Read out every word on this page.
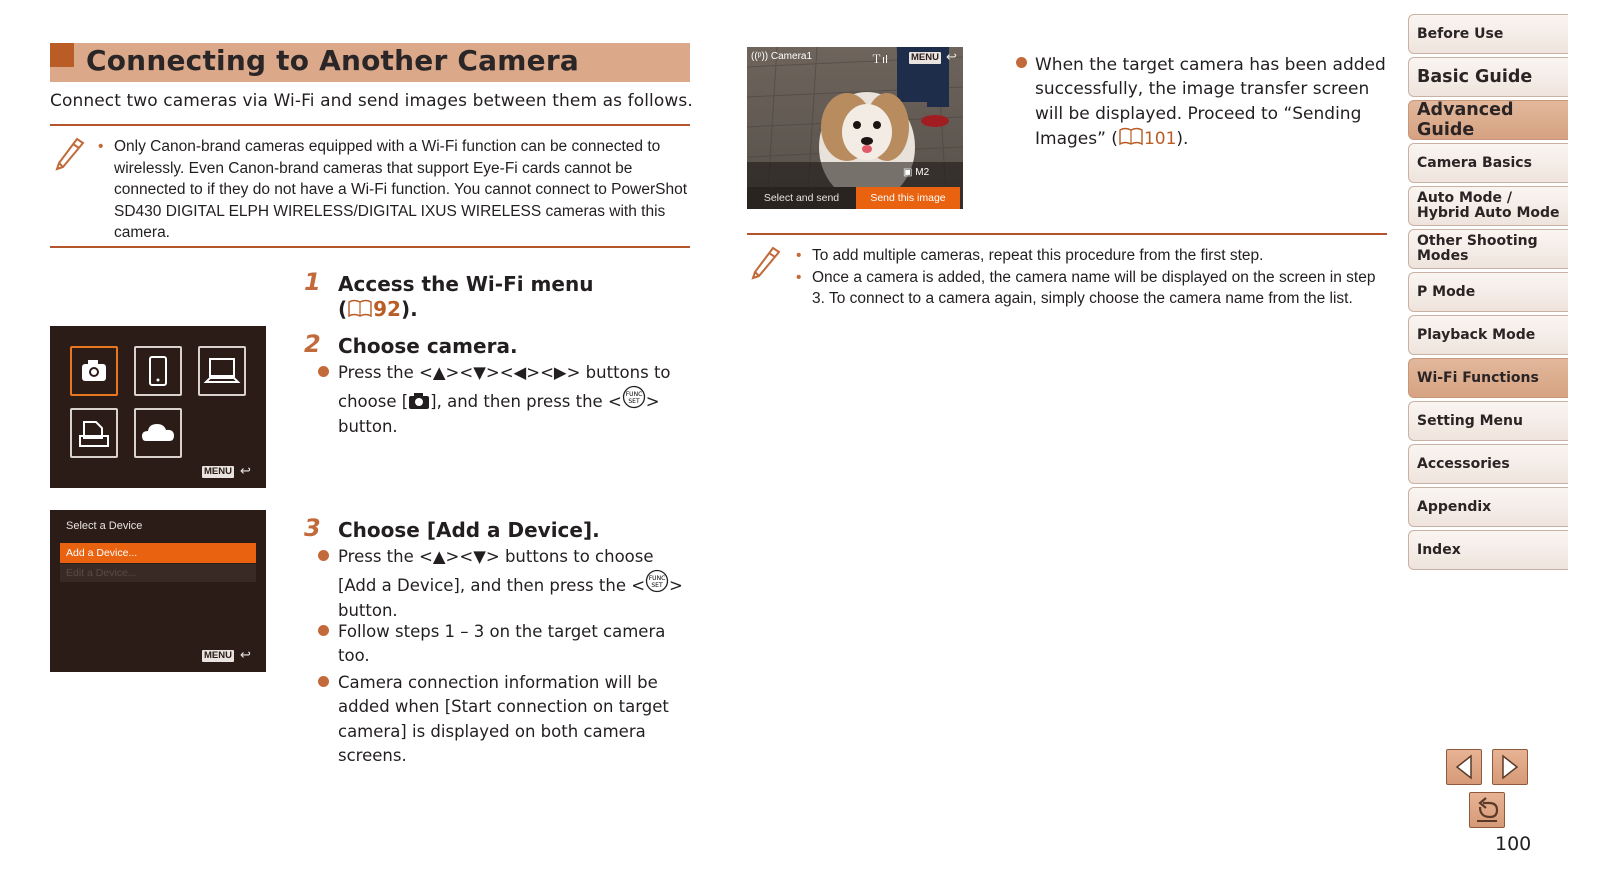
Connecting to Another Camera
Connect two cameras via Wi-Fi and send images between them as follows.
• Only Canon-brand cameras equipped with a Wi-Fi function can be connected to wirelessly. Even Canon-brand cameras that support Eye-Fi cards cannot be connected to if they do not have a Wi-Fi function. You cannot connect to PowerShot SD430 DIGITAL ELPH WIRELESS/DIGITAL IXUS WIRELESS cameras with this camera.
MENU ↩
Select a Device
Add a Device...
Edit a Device...
MENU ↩
1 Access the Wi-Fi menu
( 92).
2 Choose camera.
Press the <▲><▼><◀><▶> buttons to
choose [ ], and then press the < FUNC
SET >
button.
3 Choose [Add a Device].
Press the <▲><▼> buttons to choose
[Add a Device], and then press the < FUNC
SET >
button.
Follow steps 1 – 3 on the target camera too.
Camera connection information will be added when [Start connection on target camera] is displayed on both camera screens.
((ᵖ)) Camera1	Ｔıl MENU ↩
▣ M2
Select and send	Send this image
When the target camera has been added successfully, the image transfer screen will be displayed. Proceed to “Sending Images” ( 101).
• To add multiple cameras, repeat this procedure from the first step.
• Once a camera is added, the camera name will be displayed on the screen in step 3. To connect to a camera again, simply choose the camera name from the list.
Before Use
Basic Guide
Advanced Guide
Camera Basics
Auto Mode / Hybrid Auto Mode
Other Shooting Modes
P Mode
Playback Mode
Wi-Fi Functions
Setting Menu
Accessories
Appendix
Index
100
